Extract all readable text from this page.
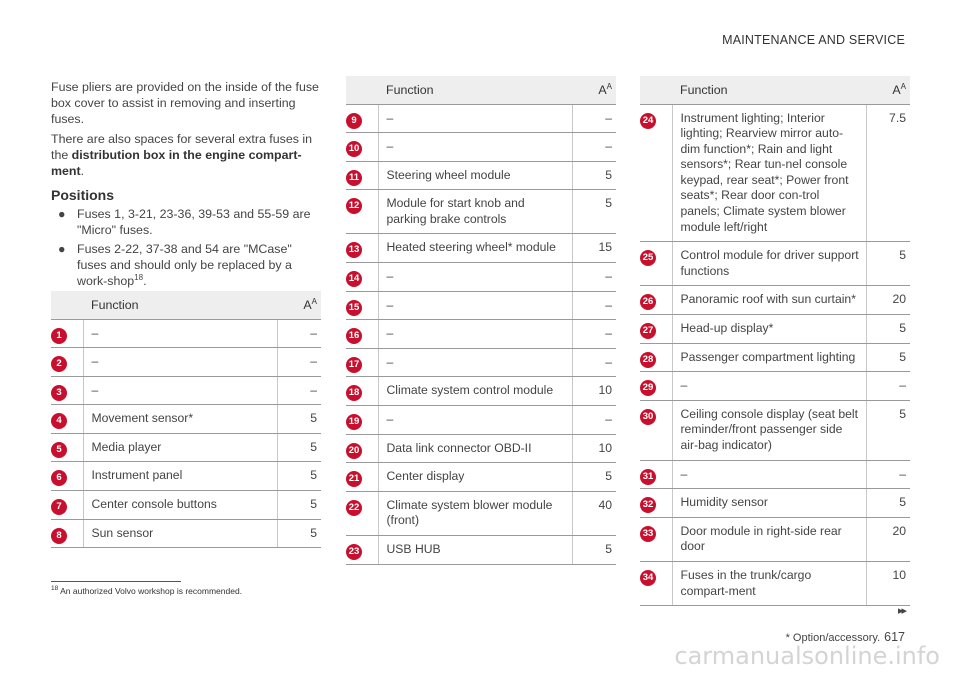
MAINTENANCE AND SERVICE

Fuse pliers are provided on the inside of the fuse box cover to assist in removing and inserting fuses.

There are also spaces for several extra fuses in the distribution box in the engine compart-ment.

Positions
● Fuses 1, 3-21, 23-36, 39-53 and 55-59 are "Micro" fuses.
● Fuses 2-22, 37-38 and 54 are "MCase" fuses and should only be replaced by a work-shop$^{18}$.
Function		$A^A$
1	–	–
2	–	–
3	–	–
4	Movement sensor*	5
5	Media player	5
6	Instrument panel	5
7	Center console buttons	5
8	Sun sensor	5
Function		$A^A$
9	–	–
10	–	–
11	Steering wheel module	5
12	Module for start knob and parking brake controls	5
13	Heated steering wheel* module	15
14	–	–
15	–	–
16	–	–
17	–	–
18	Climate system control module	10
19	–	–
20	Data link connector OBD-II	10
21	Center display	5
22	Climate system blower module (front)	40
23	USB HUB	5
Function		$A^A$
24	Instrument lighting; Interior lighting; Rearview mirror auto-dim function*; Rain and light sensors*; Rear tun-nel console keypad, rear seat*; Power front seats*; Rear door con-trol panels; Climate system blower module left/right	7.5
25	Control module for driver support functions	5
26	Panoramic roof with sun curtain*	20
27	Head-up display*	5
28	Passenger compartment lighting	5
29	–	–
30	Ceiling console display (seat belt reminder/front passenger side air-bag indicator)	5
31	–	–
32	Humidity sensor	5
33	Door module in right-side rear door	20
34	Fuses in the trunk/cargo compart-ment	10
$^{18}$ An authorized Volvo workshop is recommended.
▸▸
* Option/accessory. 617
carmanualsonline.info
